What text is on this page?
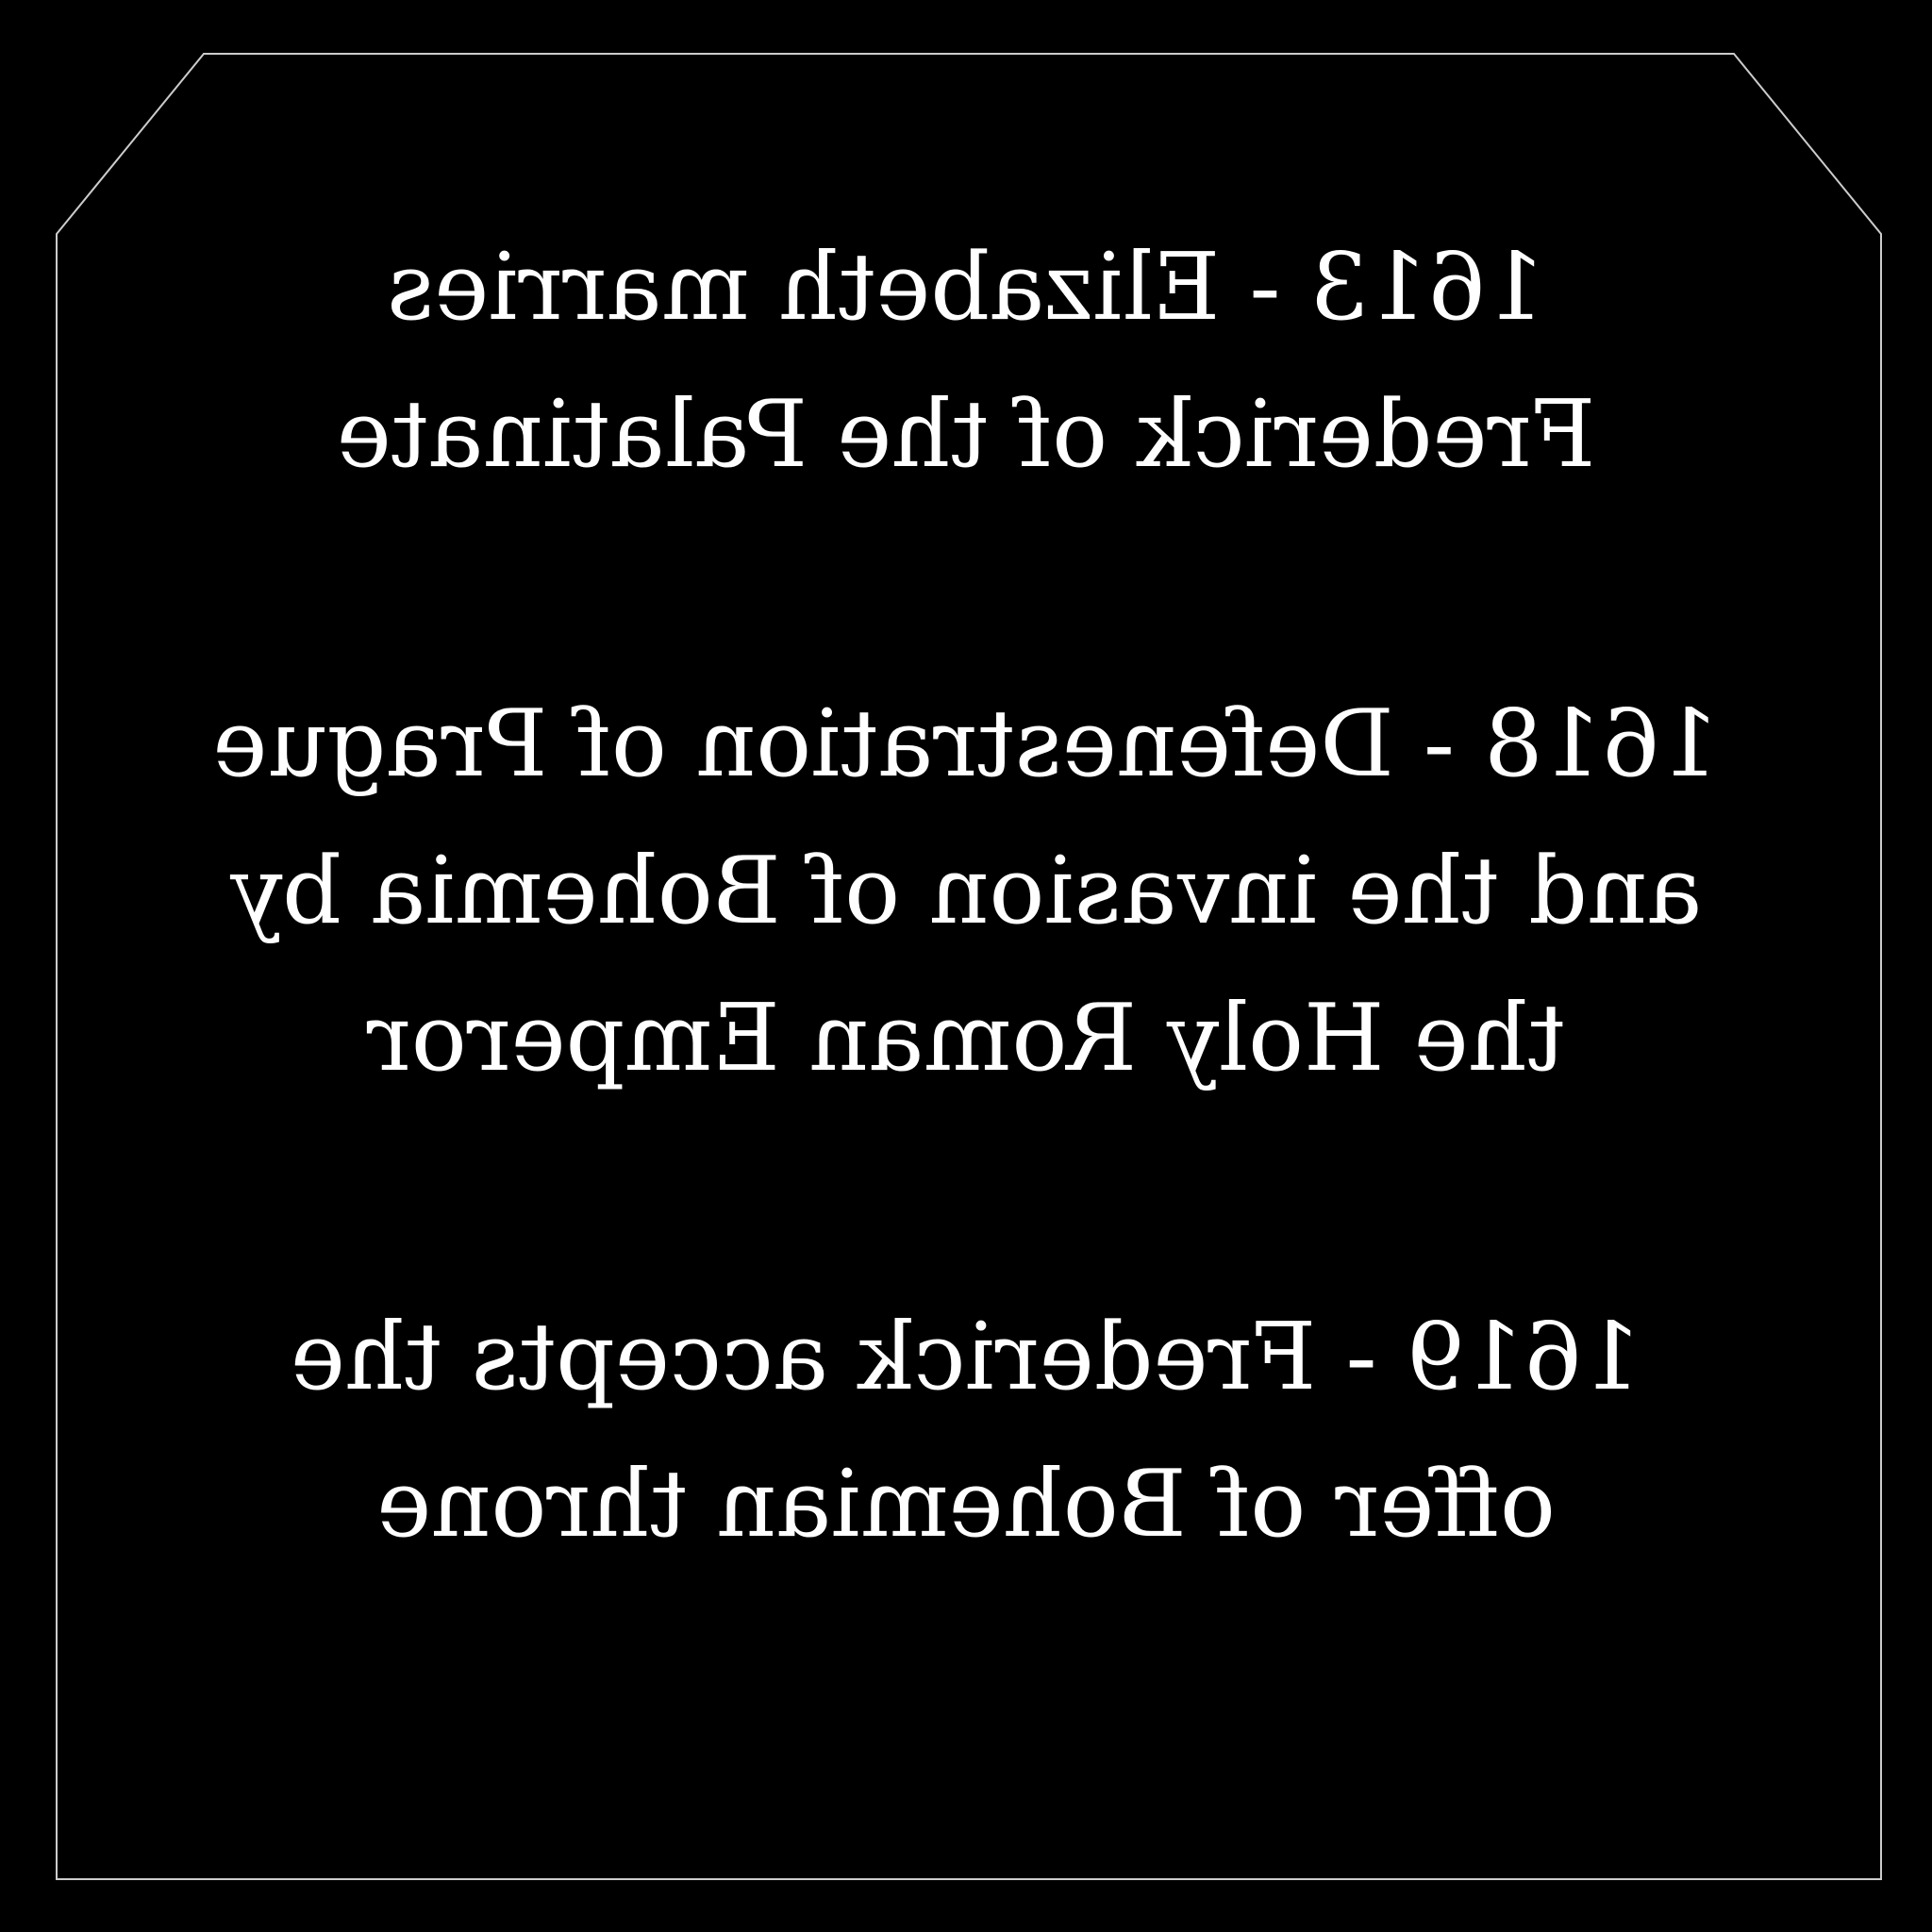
1613 - Elizabeth marries
Frederick of the Palatinate
1618 - Defenestration of Prague
and the invasion of Bohemia by
the Holy Roman Emperor
1619 - Frederick accepts the
offer of Bohemian throne
